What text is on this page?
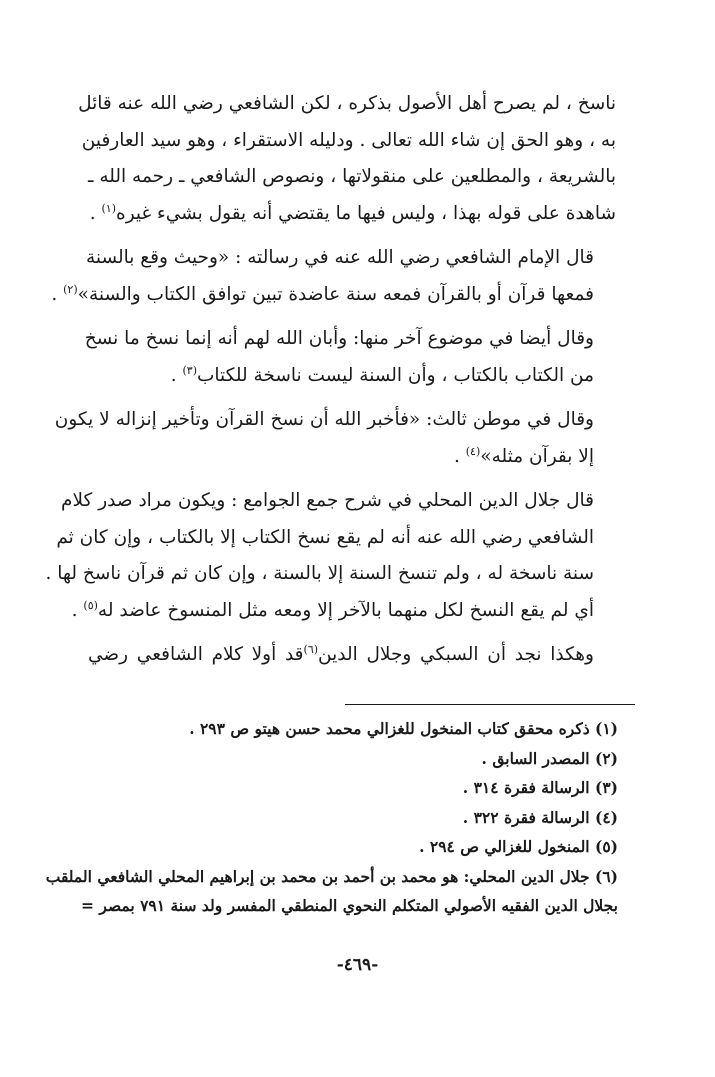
ناسخ ، لم يصرح أهل الأصول بذكره ، لكن الشافعي رضي الله عنه قائل
به ، وهو الحق إن شاء الله تعالى . ودليله الاستقراء ، وهو سيد العارفين
بالشريعة ، والمطلعين على منقولاتها ، ونصوص الشافعي ـ رحمه الله ـ
شاهدة على قوله بهذا ، وليس فيها ما يقتضي أنه يقول بشيء غيره$^{(١)}$ .
قال الإمام الشافعي رضي الله عنه في رسالته : «وحيث وقع بالسنة
فمعها قرآن أو بالقرآن فمعه سنة عاضدة تبين توافق الكتاب والسنة»$^{(٢)}$ .
وقال أيضا في موضوع آخر منها: وأبان الله لهم أنه إنما نسخ ما نسخ
من الكتاب بالكتاب ، وأن السنة ليست ناسخة للكتاب$^{(٣)}$ .
وقال في موطن ثالث: «فأخبر الله أن نسخ القرآن وتأخير إنزاله لا يكون
إلا بقرآن مثله»$^{(٤)}$ .
قال جلال الدين المحلي في شرح جمع الجوامع : ويكون مراد صدر كلام
الشافعي رضي الله عنه أنه لم يقع نسخ الكتاب إلا بالكتاب ، وإن كان ثم
سنة ناسخة له ، ولم تنسخ السنة إلا بالسنة ، وإن كان ثم قرآن ناسخ لها .
أي لم يقع النسخ لكل منهما بالآخر إلا ومعه مثل المنسوخ عاضد له$^{(٥)}$ .
وهكذا نجد أن السبكي وجلال الدين$^{(٦)}$قد أولا كلام الشافعي رضي
(١) ذكره محقق كتاب المنخول للغزالي محمد حسن هيتو ص ٢٩٣ .
(٢) المصدر السابق .
(٣) الرسالة فقرة ٣١٤ .
(٤) الرسالة فقرة ٣٢٢ .
(٥) المنخول للغزالي ص ٢٩٤ .
(٦) جلال الدين المحلي: هو محمد بن أحمد بن محمد بن إبراهيم المحلي الشافعي الملقب
بجلال الدين الفقيه الأصولي المتكلم النحوي المنطقي المفسر ولد سنة ٧٩١ بمصر =
-٤٦٩-
